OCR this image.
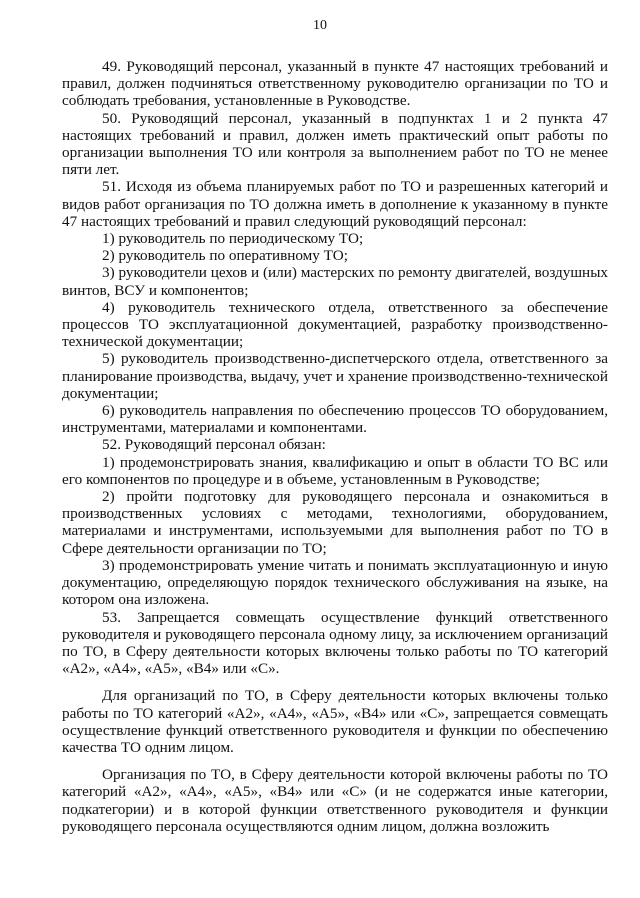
10

49. Руководящий персонал, указанный в пункте 47 настоящих требований и правил, должен подчиняться ответственному руководителю организации по ТО и соблюдать требования, установленные в Руководстве.

50. Руководящий персонал, указанный в подпунктах 1 и 2 пункта 47 настоящих требований и правил, должен иметь практический опыт работы по организации выполнения ТО или контроля за выполнением работ по ТО не менее пяти лет.

51. Исходя из объема планируемых работ по ТО и разрешенных категорий и видов работ организация по ТО должна иметь в дополнение к указанному в пункте 47 настоящих требований и правил следующий руководящий персонал:

1) руководитель по периодическому ТО;

2) руководитель по оперативному ТО;

3) руководители цехов и (или) мастерских по ремонту двигателей, воздушных винтов, ВСУ и компонентов;

4) руководитель технического отдела, ответственного за обеспечение процессов ТО эксплуатационной документацией, разработку производственно-технической документации;

5) руководитель производственно-диспетчерского отдела, ответственного за планирование производства, выдачу, учет и хранение производственно-технической документации;

6) руководитель направления по обеспечению процессов ТО оборудованием, инструментами, материалами и компонентами.

52. Руководящий персонал обязан:

1) продемонстрировать знания, квалификацию и опыт в области ТО ВС или его компонентов по процедуре и в объеме, установленным в Руководстве;

2) пройти подготовку для руководящего персонала и ознакомиться в производственных условиях с методами, технологиями, оборудованием, материалами и инструментами, используемыми для выполнения работ по ТО в Сфере деятельности организации по ТО;

3) продемонстрировать умение читать и понимать эксплуатационную и иную документацию, определяющую порядок технического обслуживания на языке, на котором она изложена.

53. Запрещается совмещать осуществление функций ответственного руководителя и руководящего персонала одному лицу, за исключением организаций по ТО, в Сферу деятельности которых включены только работы по ТО категорий «А2», «А4», «А5», «В4» или «С».

Для организаций по ТО, в Сферу деятельности которых включены только работы по ТО категорий «А2», «А4», «А5», «В4» или «С», запрещается совмещать осуществление функций ответственного руководителя и функции по обеспечению качества ТО одним лицом.

Организация по ТО, в Сферу деятельности которой включены работы по ТО категорий «А2», «А4», «А5», «В4» или «С» (и не содержатся иные категории, подкатегории) и в которой функции ответственного руководителя и функции руководящего персонала осуществляются одним лицом, должна возложить
